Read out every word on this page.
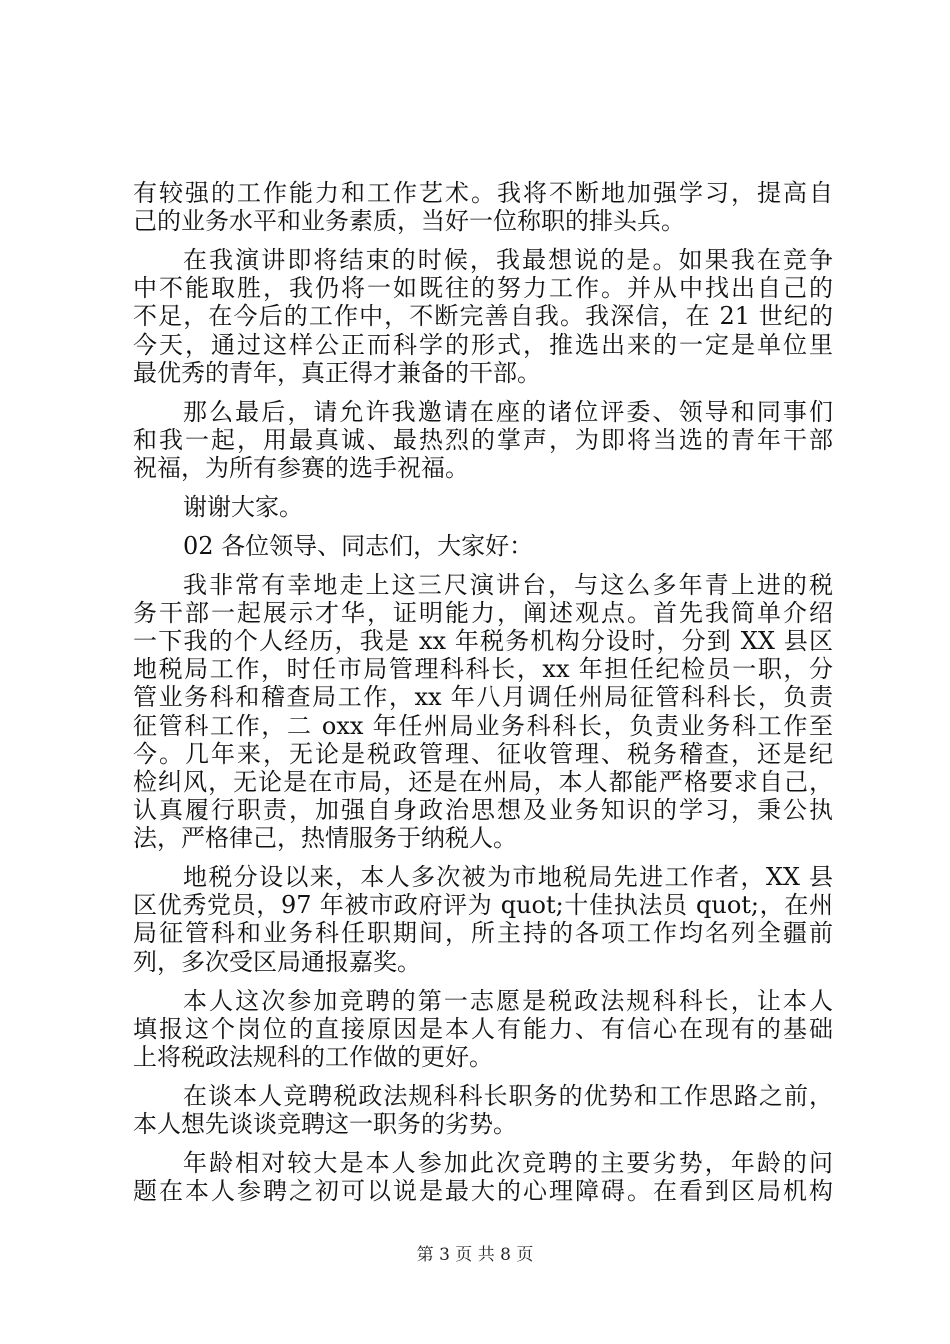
有较强的工作能力和工作艺术。我将不断地加强学习，提高自

己的业务水平和业务素质，当好一位称职的排头兵。

在我演讲即将结束的时候，我最想说的是。如果我在竞争

中不能取胜，我仍将一如既往的努力工作。并从中找出自己的

不足，在今后的工作中，不断完善自我。我深信，在 21 世纪的

今天，通过这样公正而科学的形式，推选出来的一定是单位里

最优秀的青年，真正得才兼备的干部。

那么最后，请允许我邀请在座的诸位评委、领导和同事们

和我一起，用最真诚、最热烈的掌声，为即将当选的青年干部

祝福，为所有参赛的选手祝福。

谢谢大家。

02 各位领导、同志们，大家好：

我非常有幸地走上这三尺演讲台，与这么多年青上进的税

务干部一起展示才华，证明能力，阐述观点。首先我简单介绍

一下我的个人经历，我是 xx 年税务机构分设时，分到 XX 县区

地税局工作，时任市局管理科科长，xx 年担任纪检员一职，分

管业务科和稽查局工作，xx 年八月调任州局征管科科长，负责

征管科工作，二 oxx 年任州局业务科科长，负责业务科工作至

今。几年来，无论是税政管理、征收管理、税务稽查，还是纪

检纠风，无论是在市局，还是在州局，本人都能严格要求自己，

认真履行职责，加强自身政治思想及业务知识的学习，秉公执

法，严格律己，热情服务于纳税人。

地税分设以来，本人多次被为市地税局先进工作者，XX 县

区优秀党员，97 年被市政府评为 quot;十佳执法员 quot;，在州

局征管科和业务科任职期间，所主持的各项工作均名列全疆前

列，多次受区局通报嘉奖。

本人这次参加竞聘的第一志愿是税政法规科科长，让本人

填报这个岗位的直接原因是本人有能力、有信心在现有的基础

上将税政法规科的工作做的更好。

在谈本人竞聘税政法规科科长职务的优势和工作思路之前，

本人想先谈谈竞聘这一职务的劣势。

年龄相对较大是本人参加此次竞聘的主要劣势，年龄的问

题在本人参聘之初可以说是最大的心理障碍。在看到区局机构

第 3 页 共 8 页
